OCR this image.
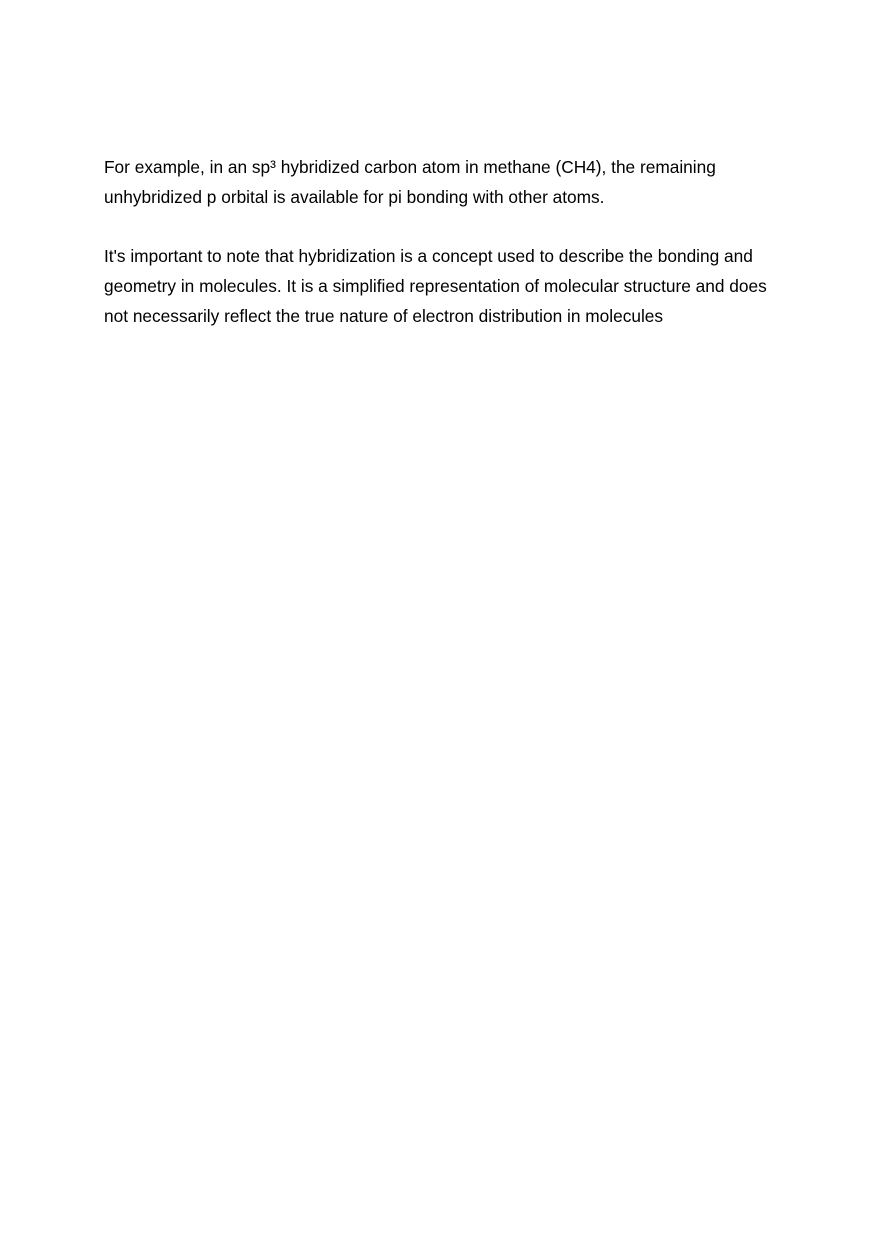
For example, in an sp³ hybridized carbon atom in methane (CH4), the remaining
unhybridized p orbital is available for pi bonding with other atoms.

It's important to note that hybridization is a concept used to describe the bonding and
geometry in molecules. It is a simplified representation of molecular structure and does
not necessarily reflect the true nature of electron distribution in molecules
